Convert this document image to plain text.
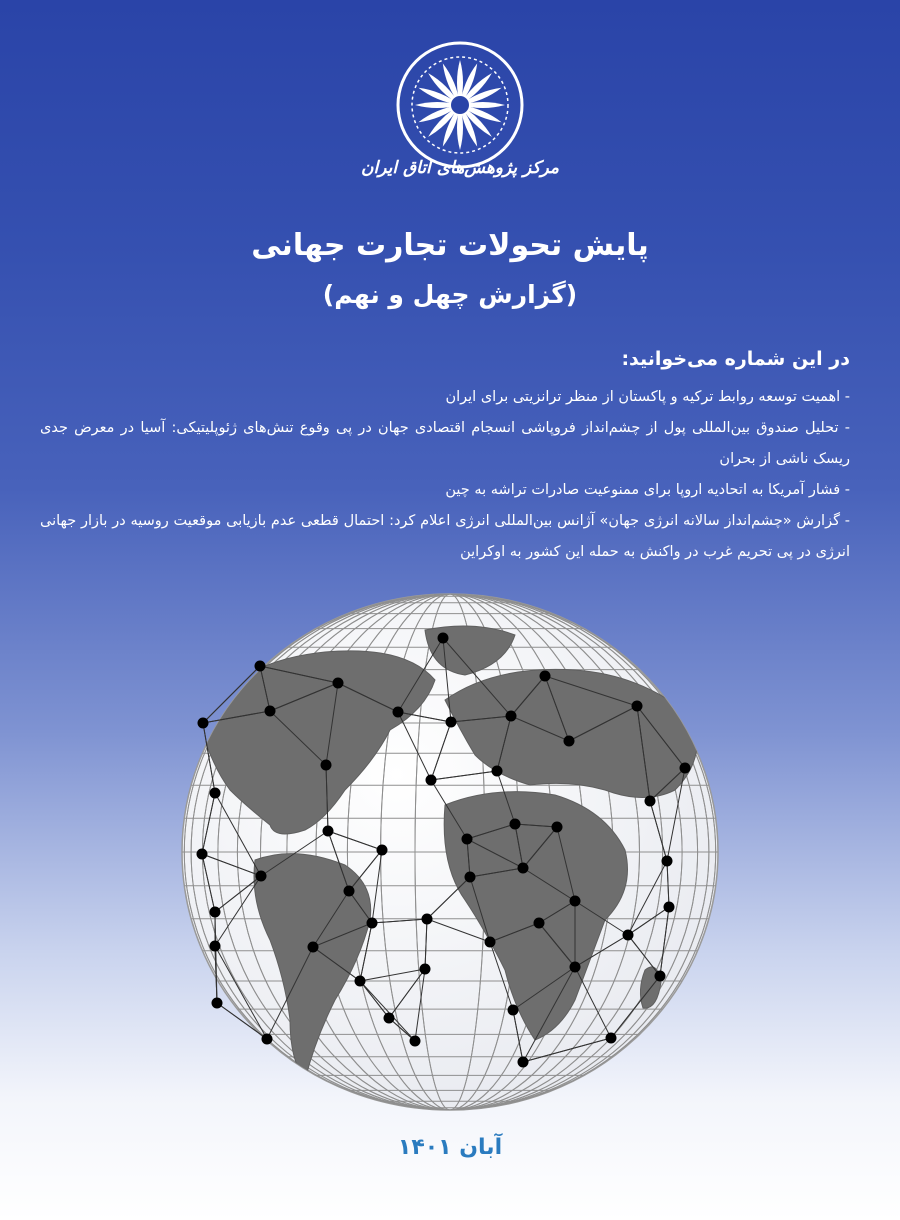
مرکز پژوهش‌های اتاق ایران
پایش تحولات تجارت جهانی
(گزارش چهل و نهم)
در این شماره می‌خوانید:
- اهمیت توسعه روابط ترکیه و پاکستان از منظر ترانزیتی برای ایران
- تحلیل صندوق بین‌المللی پول از چشم‌انداز فروپاشی انسجام اقتصادی جهان در پی وقوع تنش‌های ژئوپلیتیکی: آسیا در معرض جدی ریسک ناشی از بحران
- فشار آمریکا به اتحادیه اروپا برای ممنوعیت صادرات تراشه به چین
- گزارش «چشم‌انداز سالانه انرژی جهان» آژانس بین‌المللی انرژی اعلام کرد: احتمال قطعی عدم بازیابی موقعیت روسیه در بازار جهانی انرژی در پی تحریم غرب در واکنش به حمله این کشور به اوکراین
آبان ۱۴۰۱
